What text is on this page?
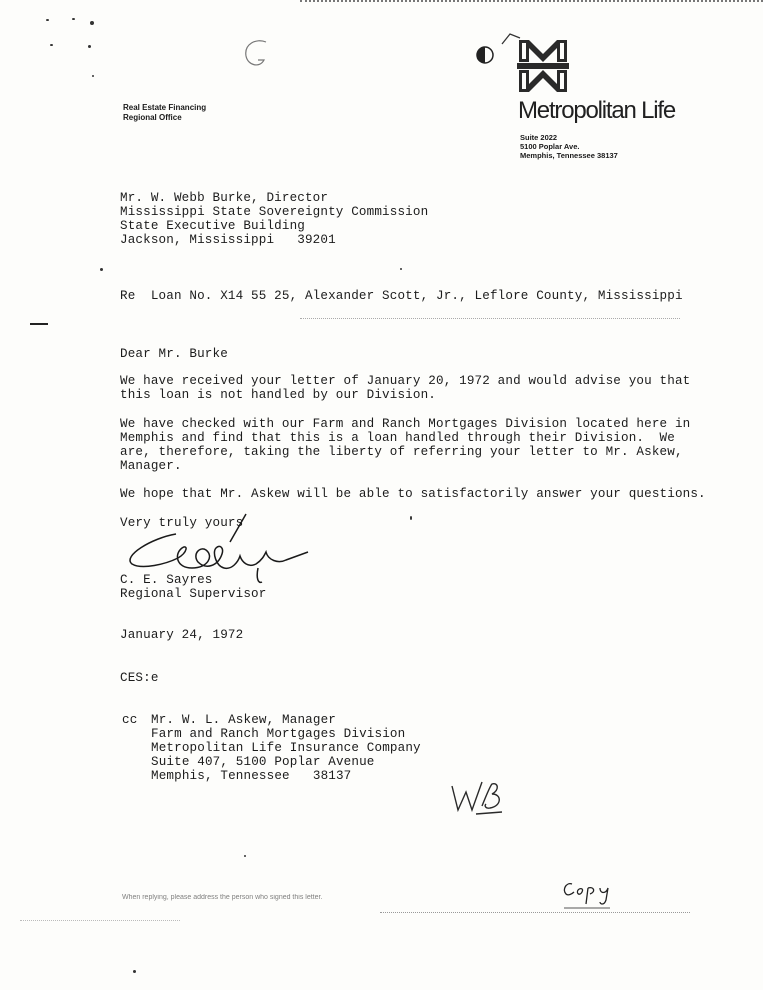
Real Estate Financing
Regional Office	Metropolitan Life
Suite 2022
5100 Poplar Ave.
Memphis, Tennessee 38137
Mr. W. Webb Burke, Director
Mississippi State Sovereignty Commission
State Executive Building
Jackson, Mississippi   39201
Re  Loan No. X14 55 25, Alexander Scott, Jr., Leflore County, Mississippi
Dear Mr. Burke
We have received your letter of January 20, 1972 and would advise you that
this loan is not handled by our Division.
We have checked with our Farm and Ranch Mortgages Division located here in
Memphis and find that this is a loan handled through their Division.  We
are, therefore, taking the liberty of referring your letter to Mr. Askew,
Manager.
We hope that Mr. Askew will be able to satisfactorily answer your questions.
Very truly yours
C. E. Sayres
Regional Supervisor
January 24, 1972
CES:e
cc Mr. W. L. Askew, Manager
Farm and Ranch Mortgages Division
Metropolitan Life Insurance Company
Suite 407, 5100 Poplar Avenue
Memphis, Tennessee   38137
When replying, please address the person who signed this letter.
